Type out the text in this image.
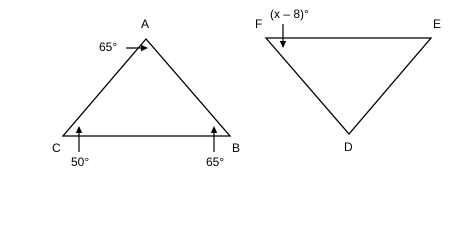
A
C	B
65°
50°	65°
F	E
D
(x – 8)°
